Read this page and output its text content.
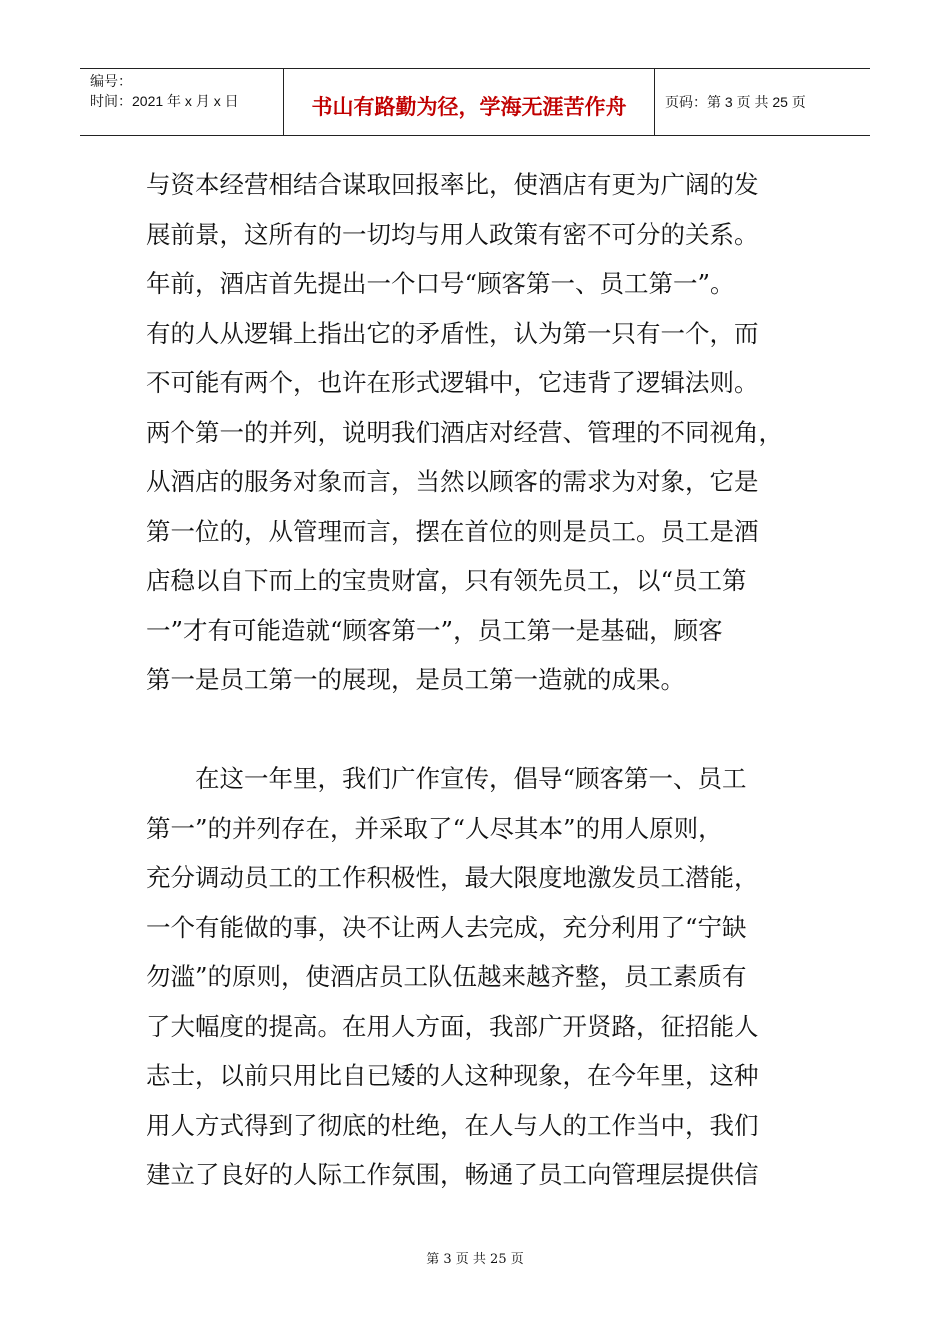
编号：
时间：2021 年 x 月 x 日	书山有路勤为径，学海无涯苦作舟	页码：第 3 页 共 25 页
与资本经营相结合谋取回报率比，使酒店有更为广阔的发
展前景，这所有的一切均与用人政策有密不可分的关系。
年前，酒店首先提出一个口号“顾客第一、员工第一”。
有的人从逻辑上指出它的矛盾性，认为第一只有一个，而
不可能有两个，也许在形式逻辑中，它违背了逻辑法则。
两个第一的并列，说明我们酒店对经营、管理的不同视角，
从酒店的服务对象而言，当然以顾客的需求为对象，它是
第一位的，从管理而言，摆在首位的则是员工。员工是酒
店稳以自下而上的宝贵财富，只有领先员工，以“员工第
一”才有可能造就“顾客第一”，员工第一是基础，顾客
第一是员工第一的展现，是员工第一造就的成果。
　　在这一年里，我们广作宣传，倡导“顾客第一、员工
第一”的并列存在，并采取了“人尽其本”的用人原则，
充分调动员工的工作积极性，最大限度地激发员工潜能，
一个有能做的事，决不让两人去完成，充分利用了“宁缺
勿滥”的原则，使酒店员工队伍越来越齐整，员工素质有
了大幅度的提高。在用人方面，我部广开贤路，征招能人
志士，以前只用比自已矮的人这种现象，在今年里，这种
用人方式得到了彻底的杜绝，在人与人的工作当中，我们
建立了良好的人际工作氛围，畅通了员工向管理层提供信
第 3 页 共 25 页
